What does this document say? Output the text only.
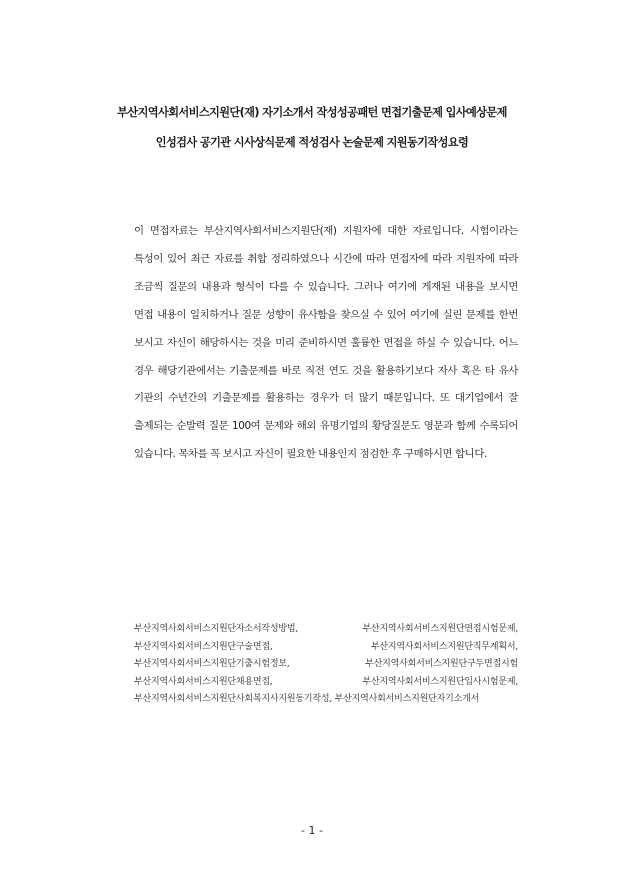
부산지역사회서비스지원단(재) 자기소개서 작성성공패턴 면접기출문제 입사예상문제
인성검사 공기관 시사상식문제 적성검사 논술문제 지원동기작성요령
이 면접자료는 부산지역사회서비스지원단(재) 지원자에 대한 자료입니다. 시험이라는 특성이 있어 최근 자료를 취합 정리하였으나 시간에 따라 면접자에 따라 지원자에 따라 조금씩 질문의 내용과 형식이 다를 수 있습니다. 그러나 여기에 게재된 내용을 보시면 면접 내용이 일치하거나 질문 성향이 유사함을 찾으실 수 있어 여기에 실린 문제를 한번 보시고 자신이 해당하시는 것을 미리 준비하시면 훌륭한 면접을 하실 수 있습니다. 어느 경우 해당기관에서는 기출문제를 바로 직전 연도 것을 활용하기보다 자사 혹은 타 유사 기관의 수년간의 기출문제를 활용하는 경우가 더 많기 때문입니다. 또 대기업에서 잘 출제되는 순발력 질문 100여 문제와 해외 유명기업의 황당질문도 영문과 함께 수록되어 있습니다. 목차를 꼭 보시고 자신이 필요한 내용인지 점검한 후 구매하시면 합니다.
부산지역사회서비스지원단자소서작성방법, 부산지역사회서비스지원단면접시험문제, 부산지역사회서비스지원단구술면접, 부산지역사회서비스지원단직무계획서, 부산지역사회서비스지원단기출시험정보, 부산지역사회서비스지원단구두면접시험 부산지역사회서비스지원단채용면접, 부산지역사회서비스지원단입사시험문제, 부산지역사회서비스지원단사회복지사지원동기작성, 부산지역사회서비스지원단자기소개서
- 1 -
